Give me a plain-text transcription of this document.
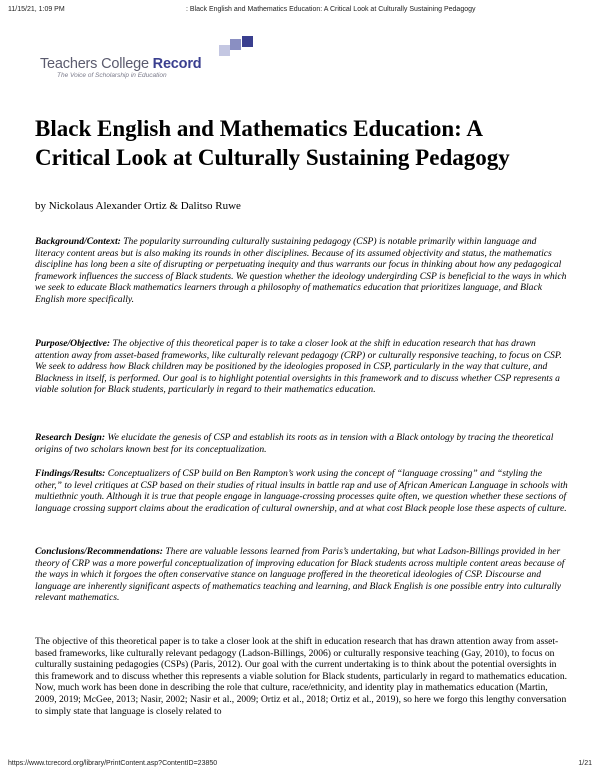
11/15/21, 1:09 PM	: Black English and Mathematics Education: A Critical Look at Culturally Sustaining Pedagogy
Teachers College Record
The Voice of Scholarship in Education
Black English and Mathematics Education: A Critical Look at Culturally Sustaining Pedagogy
by Nickolaus Alexander Ortiz & Dalitso Ruwe

Background/Context: The popularity surrounding culturally sustaining pedagogy (CSP) is notable primarily within language and literacy content areas but is also making its rounds in other disciplines. Because of its assumed objectivity and status, the mathematics discipline has long been a site of disrupting or perpetuating inequity and thus warrants our focus in thinking about how any pedagogical framework influences the success of Black students. We question whether the ideology undergirding CSP is beneficial to the ways in which we seek to educate Black mathematics learners through a philosophy of mathematics education that prioritizes language, and Black English more specifically.

Purpose/Objective: The objective of this theoretical paper is to take a closer look at the shift in education research that has drawn attention away from asset-based frameworks, like culturally relevant pedagogy (CRP) or culturally responsive teaching, to focus on CSP. We seek to address how Black children may be positioned by the ideologies proposed in CSP, particularly in the way that culture, and Blackness in itself, is performed. Our goal is to highlight potential oversights in this framework and to discuss whether CSP represents a viable solution for Black students, particularly in regard to their mathematics education.

Research Design: We elucidate the genesis of CSP and establish its roots as in tension with a Black ontology by tracing the theoretical origins of two scholars known best for its conceptualization.

Findings/Results: Conceptualizers of CSP build on Ben Rampton’s work using the concept of “language crossing” and “styling the other,” to level critiques at CSP based on their studies of ritual insults in battle rap and use of African American Language in schools with multiethnic youth. Although it is true that people engage in language-crossing processes quite often, we question whether these sections of language crossing support claims about the eradication of cultural ownership, and at what cost Black people lose these aspects of culture.

Conclusions/Recommendations: There are valuable lessons learned from Paris’s undertaking, but what Ladson-Billings provided in her theory of CRP was a more powerful conceptualization of improving education for Black students across multiple content areas because of the ways in which it forgoes the often conservative stance on language proffered in the theoretical ideologies of CSP. Discourse and language are inherently significant aspects of mathematics teaching and learning, and Black English is one possible entry into culturally relevant mathematics.

The objective of this theoretical paper is to take a closer look at the shift in education research that has drawn attention away from asset-based frameworks, like culturally relevant pedagogy (Ladson-Billings, 2006) or culturally responsive teaching (Gay, 2010), to focus on culturally sustaining pedagogies (CSPs) (Paris, 2012). Our goal with the current undertaking is to think about the potential oversights in this framework and to discuss whether this represents a viable solution for Black students, particularly in regard to mathematics education. Now, much work has been done in describing the role that culture, race/ethnicity, and identity play in mathematics education (Martin, 2009, 2019; McGee, 2013; Nasir, 2002; Nasir et al., 2009; Ortiz et al., 2018; Ortiz et al., 2019), so here we forgo this lengthy conversation to simply state that language is closely related to

https://www.tcrecord.org/library/PrintContent.asp?ContentID=23850	1/21
